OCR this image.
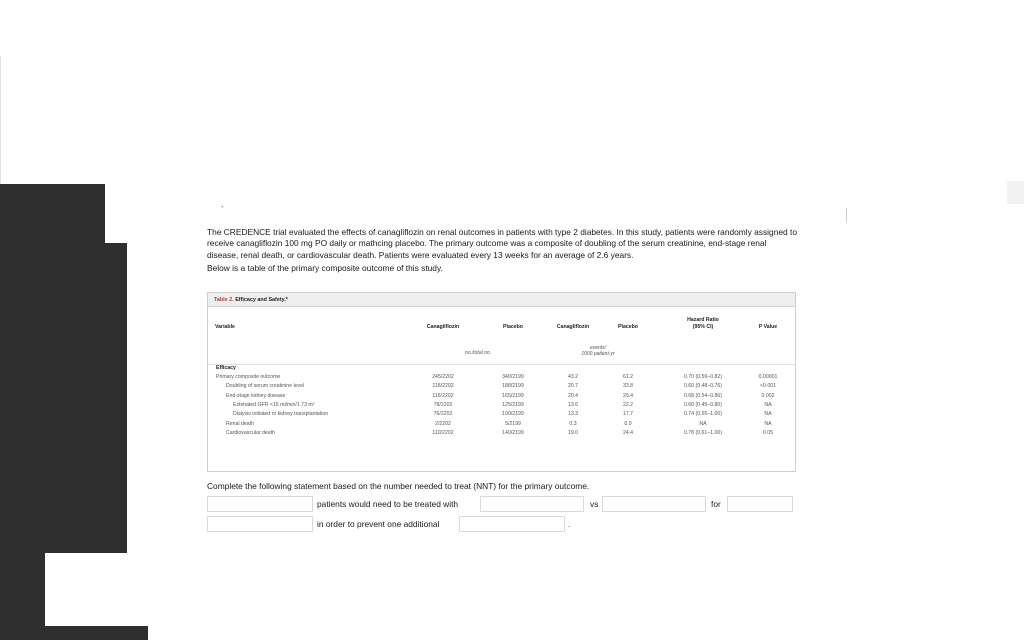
`

The CREDENCE trial evaluated the effects of canagliflozin on renal outcomes in patients with type 2 diabetes. In this study, patients were randomly assigned to receive canagliflozin 100 mg PO daily or mathcing placebo. The primary outcome was a composite of doubling of the serum creatinine, end-stage renal disease, renal death, or cardiovascular death. Patients were evaluated every 13 weeks for an average of 2.6 years.

Below is a table of the primary composite outcome of this study.

Table 2. Efficacy and Safety.*
Variable	Canagliflozin	Placebo	Canagliflozin	Placebo
Hazard Ratio
(95% CI)	P Value
no./total no.
events/
1000 patient-yr
Efficacy
Primary composite outcome	245/2202	340/2199	43.2	61.2	0.70 (0.59–0.82)	0.00001
Doubling of serum creatinine level	118/2202	188/2199	20.7	33.8	0.60 (0.48–0.76)	<0.001
End-stage kidney disease	116/2202	165/2199	20.4	29.4	0.68 (0.54–0.86)	0.002
Estimated GFR <15 ml/min/1.73 m²	78/2202	125/2199	13.6	22.2	0.60 (0.45–0.80)	NA
Dialysis initiated or kidney transplantation	76/2202	100/2199	13.3	17.7	0.74 (0.55–1.00)	NA
Renal death	2/2202	5/2199	0.3	0.9	NA	NA
Cardiovascular death	110/2202	140/2199	19.0	24.4	0.78 (0.61–1.00)	0.05
Complete the following statement based on the number needed to treat (NNT) for the primary outcome.
patients would need to be treated with	vs	for
in order to prevent one additional	.
